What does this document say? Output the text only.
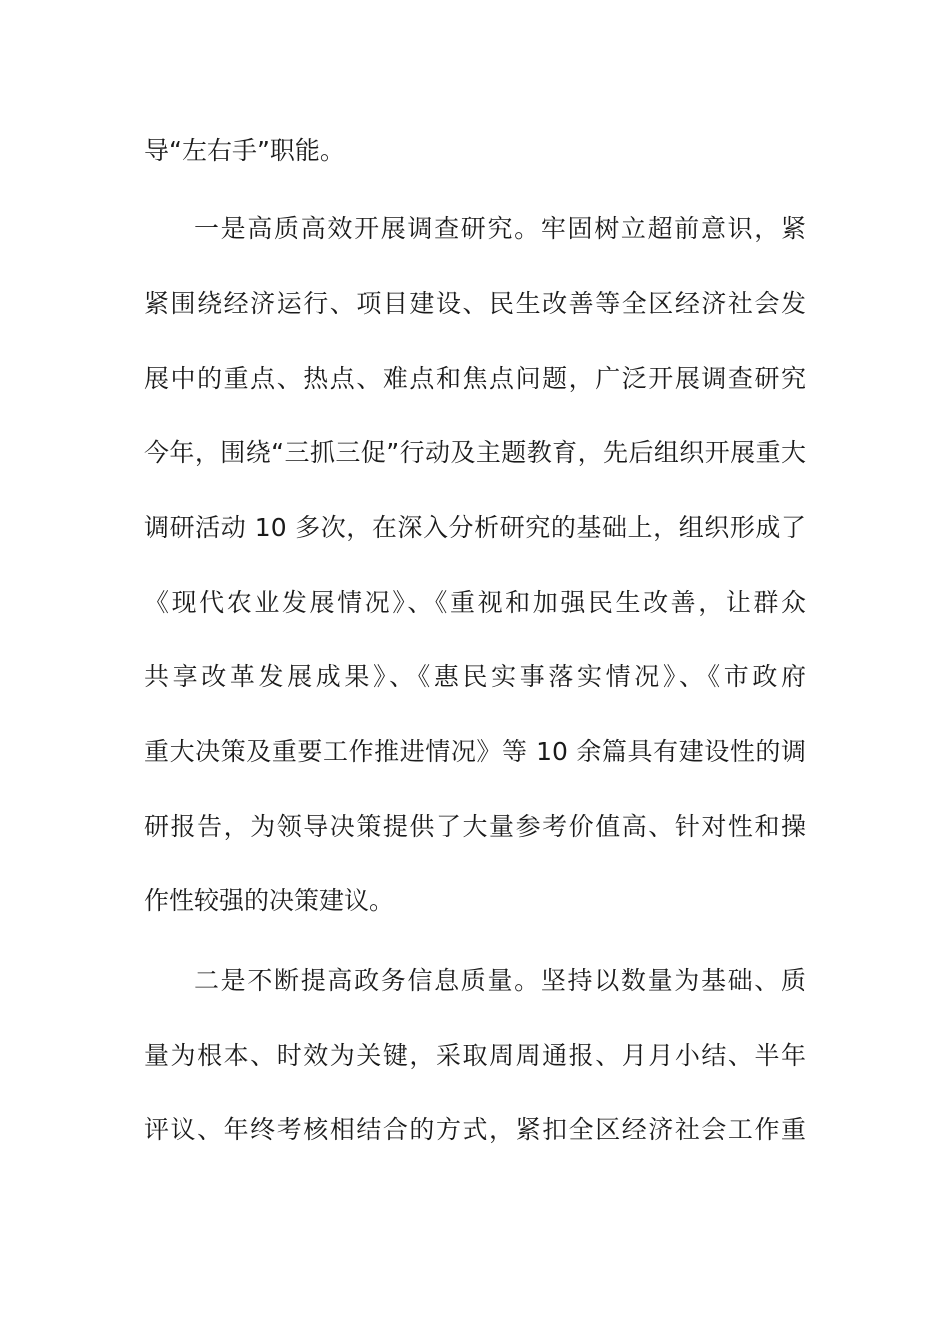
导“左右手”职能。
一是高质高效开展调查研究。牢固树立超前意识，紧
紧围绕经济运行、项目建设、民生改善等全区经济社会发
展中的重点、热点、难点和焦点问题，广泛开展调查研究
今年，围绕“三抓三促”行动及主题教育，先后组织开展重大
调研活动 10 多次，在深入分析研究的基础上，组织形成了
《现代农业发展情况》、《重视和加强民生改善，让群众
共享改革发展成果》、《惠民实事落实情况》、《市政府
重大决策及重要工作推进情况》等 10 余篇具有建设性的调
研报告，为领导决策提供了大量参考价值高、针对性和操
作性较强的决策建议。
二是不断提高政务信息质量。坚持以数量为基础、质
量为根本、时效为关键，采取周周通报、月月小结、半年
评议、年终考核相结合的方式，紧扣全区经济社会工作重
